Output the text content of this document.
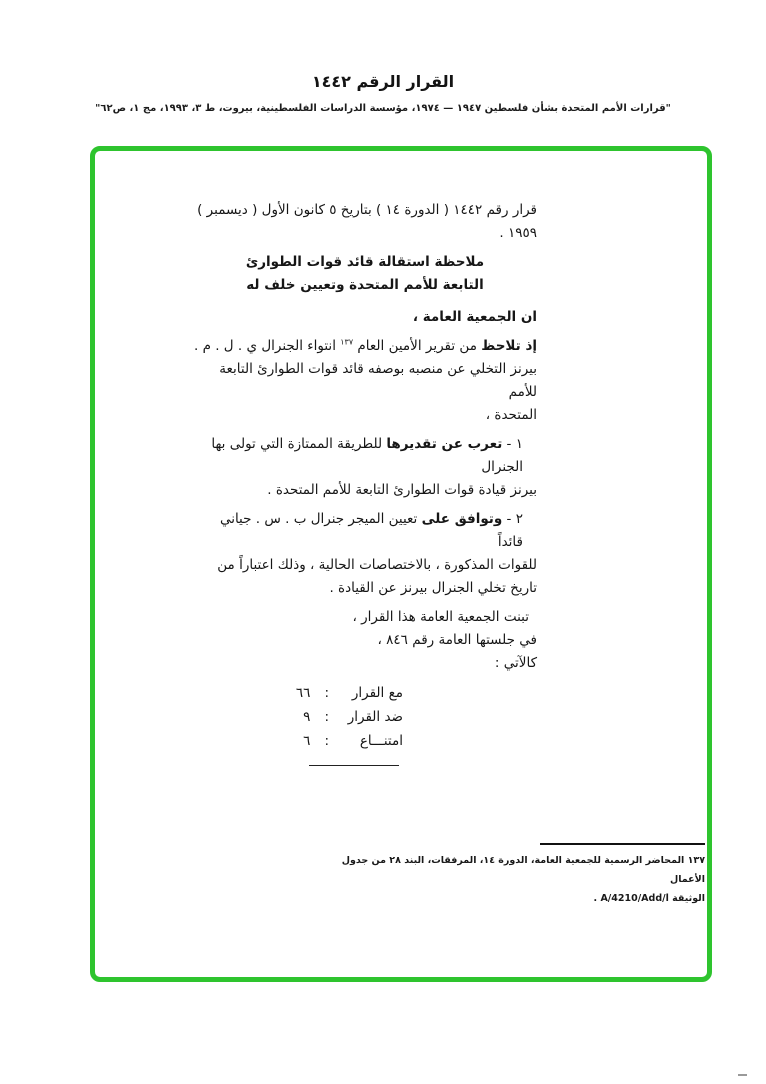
القرار الرقم ١٤٤٢
"قرارات الأمم المتحدة بشأن فلسطين ١٩٤٧ — ١٩٧٤، مؤسسة الدراسات الفلسطينية، بيروت، ط ٣، ١٩٩٣، مج ١، ص٦٢"
قرار رقم ١٤٤٢ ( الدورة ١٤ ) بتاريخ ٥ كانون الأول ( ديسمبر )
١٩٥٩ .
ملاحظة استقالة قائد قوات الطوارئ
التابعة للأمم المتحدة وتعيين خلف له
ان الجمعية العامة ،
إذ تلاحظ من تقرير الأمين العام $^{١٣٧}$ انتواء الجنرال ي . ل . م .
بيرنز التخلي عن منصبه بوصفه قائد قوات الطوارئ التابعة للأمم
المتحدة ،
١ - تعرب عن تقديرها للطريقة الممتازة التي تولى بها الجنرال
بيرنز قيادة قوات الطوارئ التابعة للأمم المتحدة .
٢ - وتوافق على تعيين الميجر جنرال ب . س . جياني قائداً
للقوات المذكورة ، بالاختصاصات الحالية ، وذلك اعتباراً من
تاريخ تخلي الجنرال بيرنز عن القيادة .
تبنت الجمعية العامة هذا القرار ،
في جلستها العامة رقم ٨٤٦ ،
كالآتي :
مع القرار
:
٦٦
ضد القرار
:
٩
امتنـــاع
:
٦
١٣٧ المحاضر الرسمية للجمعية العامة، الدورة ١٤، المرفقات، البند ٢٨ من جدول الأعمال
الوثيقة A/4210/Add/l .
